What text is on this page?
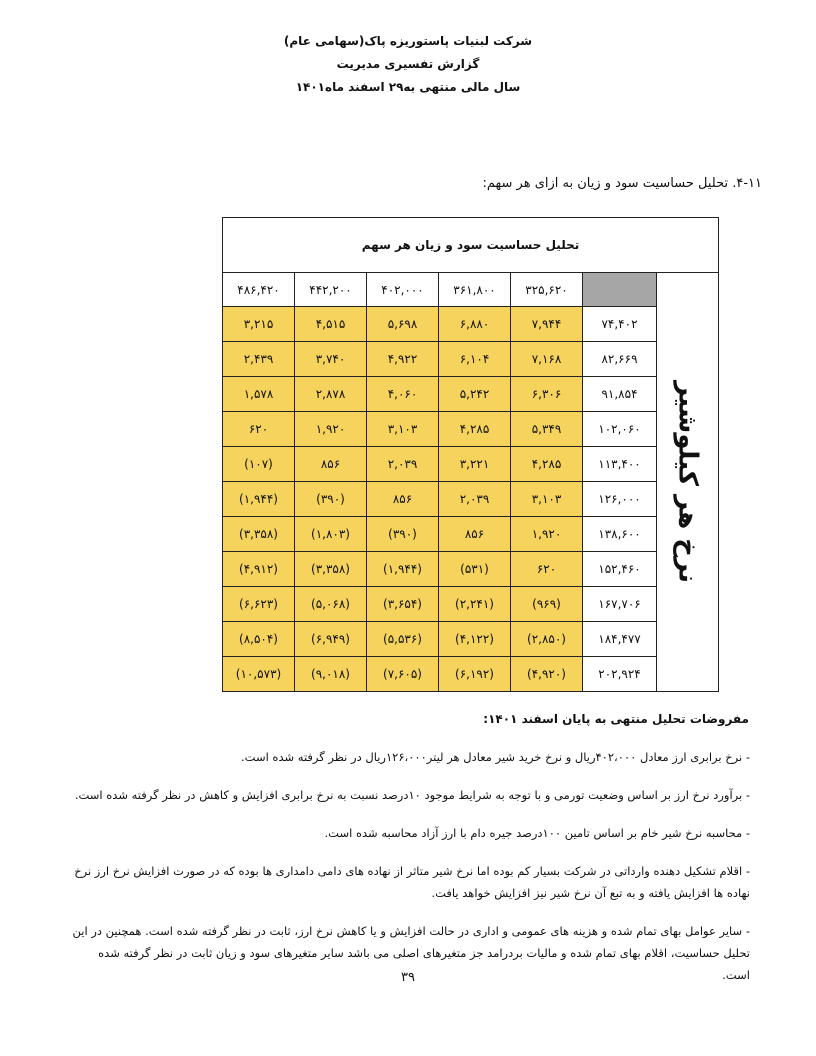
شرکت لبنیات پاستوریزه پاک(سهامی عام)
گزارش تفسیری مدیریت
سال مالی منتهی به۲۹ اسفند ماه۱۴۰۱
۴-۱۱. تحلیل حساسیت سود و زیان به ازای هر سهم:
تحلیل حساسیت سود و زیان هر سهم						
۴۸۶,۴۲۰	۴۴۲,۲۰۰	۴۰۲,۰۰۰	۳۶۱,۸۰۰	۳۲۵,۶۲۰		نرخ هر کیلوشیر

۳,۲۱۵	۴,۵۱۵	۵,۶۹۸	۶,۸۸۰	۷,۹۴۴	۷۴,۴۰۲	
۲,۴۳۹	۳,۷۴۰	۴,۹۲۲	۶,۱۰۴	۷,۱۶۸	۸۲,۶۶۹	
۱,۵۷۸	۲,۸۷۸	۴,۰۶۰	۵,۲۴۲	۶,۳۰۶	۹۱,۸۵۴	
۶۲۰	۱,۹۲۰	۳,۱۰۳	۴,۲۸۵	۵,۳۴۹	۱۰۲,۰۶۰	
(۱۰۷)	۸۵۶	۲,۰۳۹	۳,۲۲۱	۴,۲۸۵	۱۱۳,۴۰۰	
(۱,۹۴۴)	(۳۹۰)	۸۵۶	۲,۰۳۹	۳,۱۰۳	۱۲۶,۰۰۰	
(۳,۳۵۸)	(۱,۸۰۳)	(۳۹۰)	۸۵۶	۱,۹۲۰	۱۳۸,۶۰۰	
(۴,۹۱۲)	(۳,۳۵۸)	(۱,۹۴۴)	(۵۳۱)	۶۲۰	۱۵۲,۴۶۰	
(۶,۶۲۳)	(۵,۰۶۸)	(۳,۶۵۴)	(۲,۲۴۱)	(۹۶۹)	۱۶۷,۷۰۶	
(۸,۵۰۴)	(۶,۹۴۹)	(۵,۵۳۶)	(۴,۱۲۲)	(۲,۸۵۰)	۱۸۴,۴۷۷	
(۱۰,۵۷۳)	(۹,۰۱۸)	(۷,۶۰۵)	(۶,۱۹۲)	(۴,۹۲۰)	۲۰۲,۹۲۴	
مفروضات تحلیل منتهی به پایان اسفند ۱۴۰۱:

- نرخ برابری ارز معادل ۴۰۲،۰۰۰ریال و نرخ خرید شیر معادل هر لیتر۱۲۶،۰۰۰ریال در نظر گرفته شده است.

- برآورد نرخ ارز بر اساس وضعیت تورمی و با توجه به شرایط موجود ۱۰درصد نسبت به نرخ برابری افزایش و کاهش در نظر گرفته شده است.

- محاسبه نرخ شیر خام بر اساس تامین ۱۰۰درصد جیره دام با ارز آزاد محاسبه شده است.

- اقلام تشکیل دهنده وارداتی در شرکت بسیار کم بوده اما نرخ شیر متاثر از نهاده های دامی دامداری ها بوده که در صورت افزایش نرخ ارز نرخ نهاده ها افزایش یافته و به تبع آن نرخ شیر نیز افزایش خواهد یافت.

- سایر عوامل بهای تمام شده و هزینه های عمومی و اداری در حالت افزایش و یا کاهش نرخ ارز، ثابت در نظر گرفته شده است. همچنین در این تحلیل حساسیت، اقلام بهای تمام شده و مالیات بردرامد جز متغیرهای اصلی می باشد سایر متغیرهای سود و زیان ثابت در نظر گرفته شده است.

۳۹
